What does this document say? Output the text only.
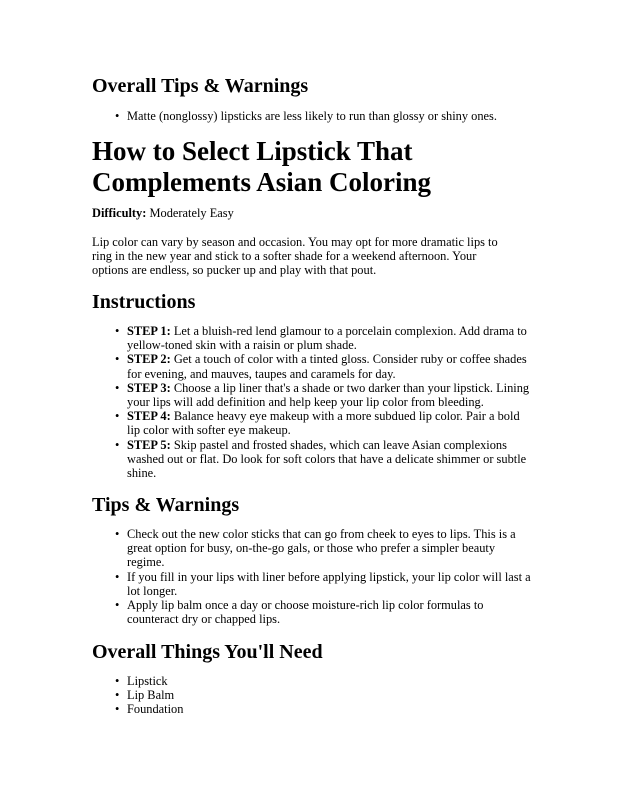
Overall Tips & Warnings
• Matte (nonglossy) lipsticks are less likely to run than glossy or shiny ones.
How to Select Lipstick That Complements Asian Coloring

Difficulty: Moderately Easy

Lip color can vary by season and occasion. You may opt for more dramatic lips to ring in the new year and stick to a softer shade for a weekend afternoon. Your options are endless, so pucker up and play with that pout.

Instructions
• STEP 1: Let a bluish-red lend glamour to a porcelain complexion. Add drama to yellow-toned skin with a raisin or plum shade.
• STEP 2: Get a touch of color with a tinted gloss. Consider ruby or coffee shades for evening, and mauves, taupes and caramels for day.
• STEP 3: Choose a lip liner that's a shade or two darker than your lipstick. Lining your lips will add definition and help keep your lip color from bleeding.
• STEP 4: Balance heavy eye makeup with a more subdued lip color. Pair a bold lip color with softer eye makeup.
• STEP 5: Skip pastel and frosted shades, which can leave Asian complexions washed out or flat. Do look for soft colors that have a delicate shimmer or subtle shine.
Tips & Warnings
• Check out the new color sticks that can go from cheek to eyes to lips. This is a great option for busy, on-the-go gals, or those who prefer a simpler beauty regime.
• If you fill in your lips with liner before applying lipstick, your lip color will last a lot longer.
• Apply lip balm once a day or choose moisture-rich lip color formulas to counteract dry or chapped lips.
Overall Things You'll Need
• Lipstick
• Lip Balm
• Foundation
